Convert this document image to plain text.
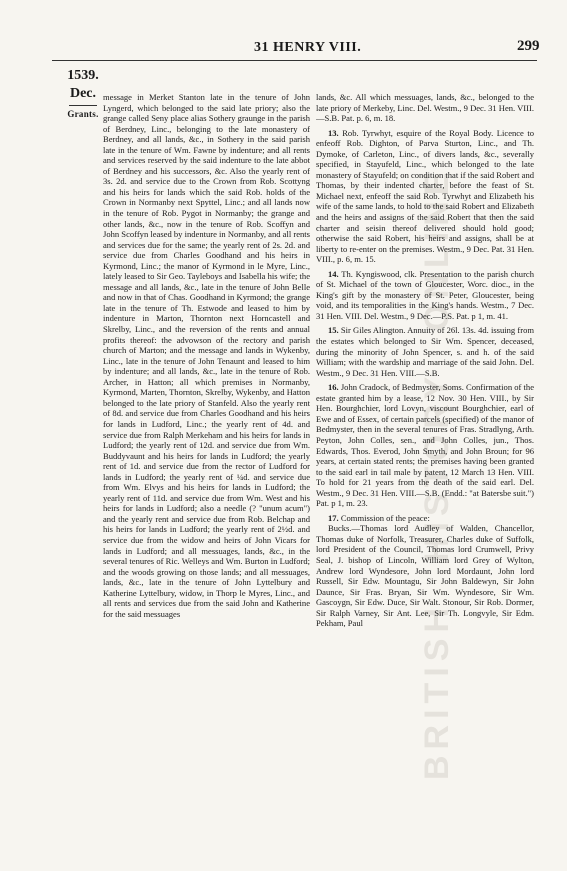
BRITISH
HISTORY
ONLINE
31 HENRY VIII.	299
1539.
Dec.
Grants.

message in Merket Stanton late in the tenure of John Lyngerd, which belonged to the said late priory; also the grange called Seny place alias Sothery graunge in the parish of Berdney, Linc., belonging to the late monastery of Berdney, and all lands, &c., in Sothery in the said parish late in the tenure of Wm. Fawne by indenture; and all rents and services reserved by the said indenture to the late abbot of Berdney and his successors, &c. Also the yearly rent of 3s. 2d. and service due to the Crown from Rob. Scottyng and his heirs for lands which the said Rob. holds of the Crown in Normanby next Spyttel, Linc.; and all lands now in the tenure of Rob. Pygot in Normanby; the grange and other lands, &c., now in the tenure of Rob. Scoffyn and John Scoffyn leased by indenture in Normanby, and all rents and services due for the same; the yearly rent of 2s. 2d. and service due from Charles Goodhand and his heirs in Kyrmond, Linc.; the manor of Kyrmond in le Myre, Linc., lately leased to Sir Geo. Tayleboys and Isabella his wife; the message and all lands, &c., late in the tenure of John Belle and now in that of Chas. Goodhand in Kyrmond; the grange late in the tenure of Th. Estwode and leased to him by indenture in Marton, Thornton next Horncastell and Skrelby, Linc., and the reversion of the rents and annual profits thereof: the advowson of the rectory and parish church of Marton; and the message and lands in Wykenby, Linc., late in the tenure of John Tenaunt and leased to him by indenture; and all lands, &c., late in the tenure of Rob. Archer, in Hatton; all which premises in Normanby, Kyrmond, Marten, Thornton, Skrelby, Wykenby, and Hatton belonged to the late priory of Stanfeld. Also the yearly rent of 8d. and service due from Charles Goodhand and his heirs for lands in Ludford, Linc.; the yearly rent of 4d. and service due from Ralph Merkeham and his heirs for lands in Ludford; the yearly rent of 12d. and service due from Wm. Buddyvaunt and his heirs for lands in Ludford; the yearly rent of 1d. and service due from the rector of Ludford for lands in Ludford; the yearly rent of ¼d. and service due from Wm. Elvys and his heirs for lands in Ludford; the yearly rent of 11d. and service due from Wm. West and his heirs for lands in Ludford; also a needle (? "unum acum") and the yearly rent and service due from Rob. Belchap and his heirs for lands in Ludford; the yearly rent of 2½d. and service due from the widow and heirs of John Vicars for lands in Ludford; and all messuages, lands, &c., in the several tenures of Ric. Welleys and Wm. Burton in Ludford; and the woods growing on those lands; and all messuages, lands, &c., late in the tenure of John Lyttelbury and Katherine Lyttelbury, widow, in Thorp le Myres, Linc., and all rents and services due from the said John and Katherine for the said messuages

lands, &c. All which messuages, lands, &c., belonged to the late priory of Merkeby, Linc. Del. Westm., 9 Dec. 31 Hen. VIII. —S.B. Pat. p. 6, m. 18.

13. Rob. Tyrwhyt, esquire of the Royal Body. Licence to enfeoff Rob. Dighton, of Parva Sturton, Linc., and Th. Dymoke, of Carleton, Linc., of divers lands, &c., severally specified, in Stayufeld, Linc., which belonged to the late monastery of Stayufeld; on condition that if the said Robert and Thomas, by their indented charter, before the feast of St. Michael next, enfeoff the said Rob. Tyrwhyt and Elizabeth his wife of the same lands, to hold to the said Robert and Elizabeth and the heirs and assigns of the said Robert that then the said charter and seisin thereof delivered should hold good; otherwise the said Robert, his heirs and assigns, shall be at liberty to re-enter on the premises. Westm., 9 Dec. Pat. 31 Hen. VIII., p. 6, m. 15.

14. Th. Kyngiswood, clk. Presentation to the parish church of St. Michael of the town of Gloucester, Worc. dioc., in the King's gift by the monastery of St. Peter, Gloucester, being void, and its temporalities in the King's hands. Westm., 7 Dec. 31 Hen. VIII. Del. Westm., 9 Dec.—P.S. Pat. p 1, m. 41.

15. Sir Giles Alington. Annuity of 26l. 13s. 4d. issuing from the estates which belonged to Sir Wm. Spencer, deceased, during the minority of John Spencer, s. and h. of the said William; with the wardship and marriage of the said John. Del. Westm., 9 Dec. 31 Hen. VIII.—S.B.

16. John Cradock, of Bedmyster, Soms. Confirmation of the estate granted him by a lease, 12 Nov. 30 Hen. VIII., by Sir Hen. Bourghchier, lord Lovyn, viscount Bourghchier, earl of Ewe and of Essex, of certain parcels (specified) of the manor of Bedmyster, then in the several tenures of Fras. Stradlyng, Arth. Peyton, John Colles, sen., and John Colles, jun., Thos. Edwards, Thos. Everod, John Smyth, and John Broun; for 96 years, at certain stated rents; the premises having been granted to the said earl in tail male by patent, 12 March 13 Hen. VIII. To hold for 21 years from the death of the said earl. Del. Westm., 9 Dec. 31 Hen. VIII.—S.B. (Endd.: "at Batersbe suit.") Pat. p 1, m. 23.

17. Commission of the peace:

Bucks.—Thomas lord Audley of Walden, Chancellor, Thomas duke of Norfolk, Treasurer, Charles duke of Suffolk, lord President of the Council, Thomas lord Crumwell, Privy Seal, J. bishop of Lincoln, William lord Grey of Wylton, Andrew lord Wyndesore, John lord Mordaunt, John lord Russell, Sir Edw. Mountagu, Sir John Baldewyn, Sir John Daunce, Sir Fras. Bryan, Sir Wm. Wyndesore, Sir Wm. Gascoygn, Sir Edw. Duce, Sir Walt. Stonour, Sir Rob. Dormer, Sir Ralph Varney, Sir Ant. Lee, Sir Th. Longvyle, Sir Edm. Pekham, Paul
